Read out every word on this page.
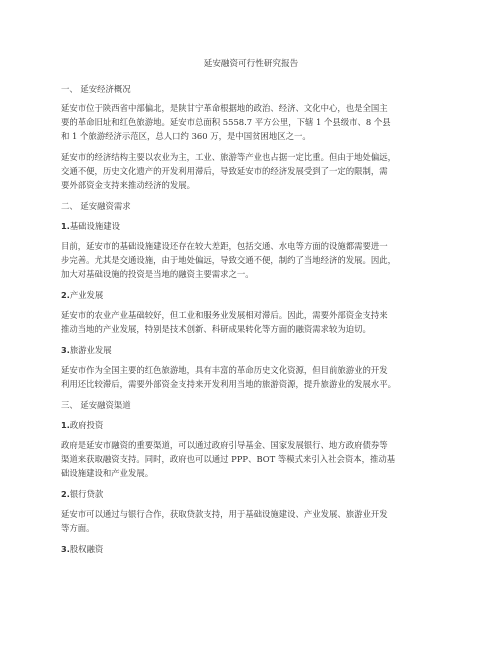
延安融资可行性研究报告
一、 延安经济概况
延安市位于陕西省中部偏北，是陕甘宁革命根据地的政治、经济、文化中心，也是全国主
要的革命旧址和红色旅游地。延安市总面积 5558.7 平方公里，下辖 1 个县级市、8 个县
和 1 个旅游经济示范区，总人口约 360 万，是中国贫困地区之一。
延安市的经济结构主要以农业为主，工业、旅游等产业也占据一定比重。但由于地处偏远，
交通不便，历史文化遗产的开发利用滞后，导致延安市的经济发展受到了一定的限制，需
要外部资金支持来推动经济的发展。
二、 延安融资需求
1.基础设施建设
目前，延安市的基础设施建设还存在较大差距，包括交通、水电等方面的设施都需要进一
步完善。尤其是交通设施，由于地处偏远，导致交通不便，制约了当地经济的发展。因此，
加大对基础设施的投资是当地的融资主要需求之一。
2.产业发展
延安市的农业产业基础较好，但工业和服务业发展相对滞后。因此，需要外部资金支持来
推动当地的产业发展，特别是技术创新、科研成果转化等方面的融资需求较为迫切。
3.旅游业发展
延安市作为全国主要的红色旅游地，具有丰富的革命历史文化资源，但目前旅游业的开发
利用还比较滞后，需要外部资金支持来开发利用当地的旅游资源，提升旅游业的发展水平。
三、 延安融资渠道
1.政府投资
政府是延安市融资的重要渠道，可以通过政府引导基金、国家发展银行、地方政府债券等
渠道来获取融资支持。同时，政府也可以通过 PPP、BOT 等模式来引入社会资本，推动基
础设施建设和产业发展。
2.银行贷款
延安市可以通过与银行合作，获取贷款支持，用于基础设施建设、产业发展、旅游业开发
等方面。
3.股权融资
